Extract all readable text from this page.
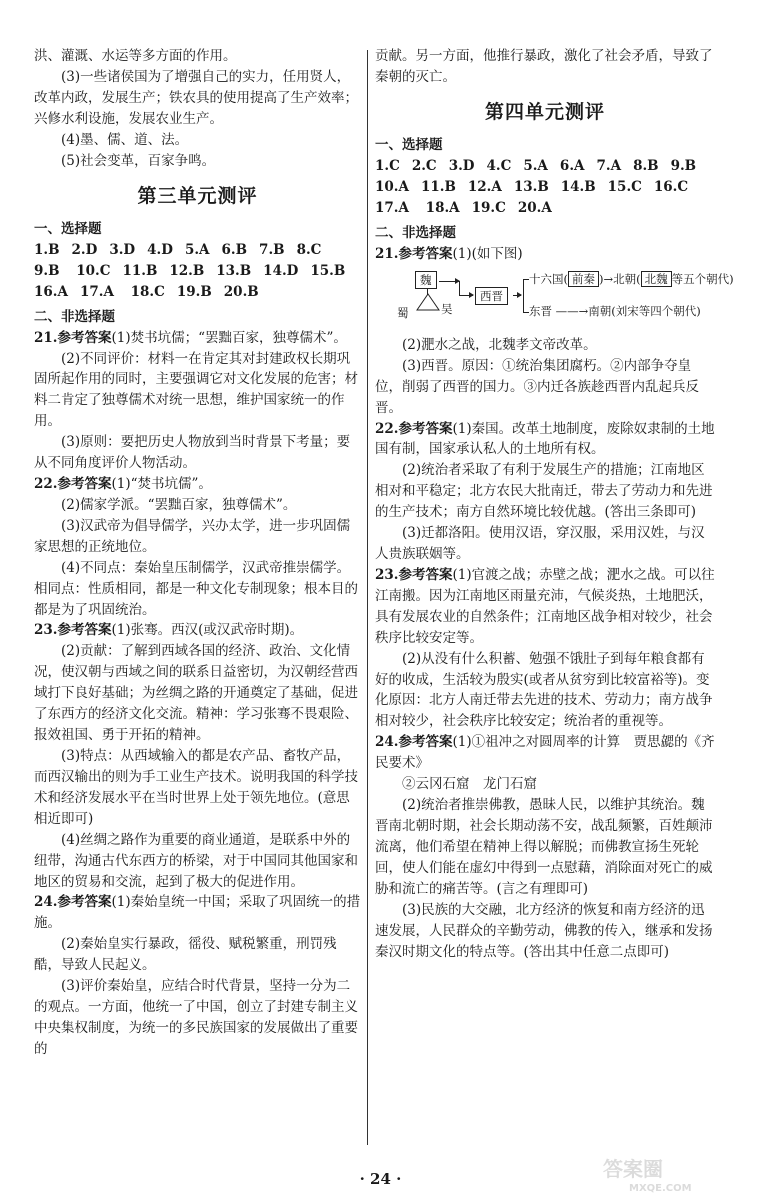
洪、灌溉、水运等多方面的作用。

(3)一些诸侯国为了增强自己的实力，任用贤人，改革内政，发展生产；铁农具的使用提高了生产效率；兴修水利设施，发展农业生产。

(4)墨、儒、道、法。

(5)社会变革，百家争鸣。

第三单元测评

一、选择题

1.B 2.D 3.D 4.D 5.A 6.B 7.B 8.C9.B 10.C 11.B 12.B 13.B 14.D 15.B16.A 17.A 18.C 19.B 20.B

二、非选择题

21.参考答案(1)焚书坑儒；“罢黜百家，独尊儒术”。

(2)不同评价：材料一在肯定其对封建政权长期巩固所起作用的同时，主要强调它对文化发展的危害；材料二肯定了独尊儒术对统一思想，维护国家统一的作用。

(3)原则：要把历史人物放到当时背景下考量；要从不同角度评价人物活动。

22.参考答案(1)“焚书坑儒”。

(2)儒家学派。“罢黜百家，独尊儒术”。

(3)汉武帝为倡导儒学，兴办太学，进一步巩固儒家思想的正统地位。

(4)不同点：秦始皇压制儒学，汉武帝推崇儒学。相同点：性质相同，都是一种文化专制现象；根本目的都是为了巩固统治。

23.参考答案(1)张骞。西汉(或汉武帝时期)。

(2)贡献：了解到西域各国的经济、政治、文化情况，使汉朝与西域之间的联系日益密切，为汉朝经营西域打下良好基础；为丝绸之路的开通奠定了基础，促进了东西方的经济文化交流。精神：学习张骞不畏艰险、报效祖国、勇于开拓的精神。

(3)特点：从西域输入的都是农产品、畜牧产品，而西汉输出的则为手工业生产技术。说明我国的科学技术和经济发展水平在当时世界上处于领先地位。(意思相近即可)

(4)丝绸之路作为重要的商业通道，是联系中外的纽带，沟通古代东西方的桥梁，对于中国同其他国家和地区的贸易和交流，起到了极大的促进作用。

24.参考答案(1)秦始皇统一中国；采取了巩固统一的措施。

(2)秦始皇实行暴政，徭役、赋税繁重，刑罚残酷，导致人民起义。

(3)评价秦始皇，应结合时代背景，坚持一分为二的观点。一方面，他统一了中国，创立了封建专制主义中央集权制度，为统一的多民族国家的发展做出了重要的

贡献。另一方面，他推行暴政，激化了社会矛盾，导致了秦朝的灭亡。

第四单元测评

一、选择题

1.C 2.C 3.D 4.C 5.A 6.A 7.A 8.B 9.B 10.A 11.B 12.A 13.B 14.B 15.C 16.C17.A 18.A 19.C 20.A

二、非选择题

21.参考答案(1)(如下图)

魏
蜀	吴
西晋
十六国( 前秦 )→北朝( 北魏 等五个朝代)
东晋 ——→南朝(刘宋等四个朝代)

(2)淝水之战，北魏孝文帝改革。

(3)西晋。原因：①统治集团腐朽。②内部争夺皇位，削弱了西晋的国力。③内迁各族趁西晋内乱起兵反晋。

22.参考答案(1)秦国。改革土地制度，废除奴隶制的土地国有制，国家承认私人的土地所有权。

(2)统治者采取了有利于发展生产的措施；江南地区相对和平稳定；北方农民大批南迁，带去了劳动力和先进的生产技术；南方自然环境比较优越。(答出三条即可)

(3)迁都洛阳。使用汉语，穿汉服，采用汉姓，与汉人贵族联姻等。

23.参考答案(1)官渡之战；赤壁之战；淝水之战。可以往江南搬。因为江南地区雨量充沛，气候炎热，土地肥沃，具有发展农业的自然条件；江南地区战争相对较少，社会秩序比较安定等。

(2)从没有什么积蓄、勉强不饿肚子到每年粮食都有好的收成，生活较为殷实(或者从贫穷到比较富裕等)。变化原因：北方人南迁带去先进的技术、劳动力；南方战争相对较少，社会秩序比较安定；统治者的重视等。

24.参考答案(1)①祖冲之对圆周率的计算　贾思勰的《齐民要术》

②云冈石窟　龙门石窟

(2)统治者推崇佛教，愚昧人民，以维护其统治。魏晋南北朝时期，社会长期动荡不安，战乱频繁，百姓颠沛流离，他们希望在精神上得以解脱；而佛教宣扬生死轮回，使人们能在虚幻中得到一点慰藉，消除面对死亡的威胁和流亡的痛苦等。(言之有理即可)

(3)民族的大交融，北方经济的恢复和南方经济的迅速发展，人民群众的辛勤劳动，佛教的传入，继承和发扬秦汉时期文化的特点等。(答出其中任意二点即可)

· 24 ·	答案圈
MXQE.COM
